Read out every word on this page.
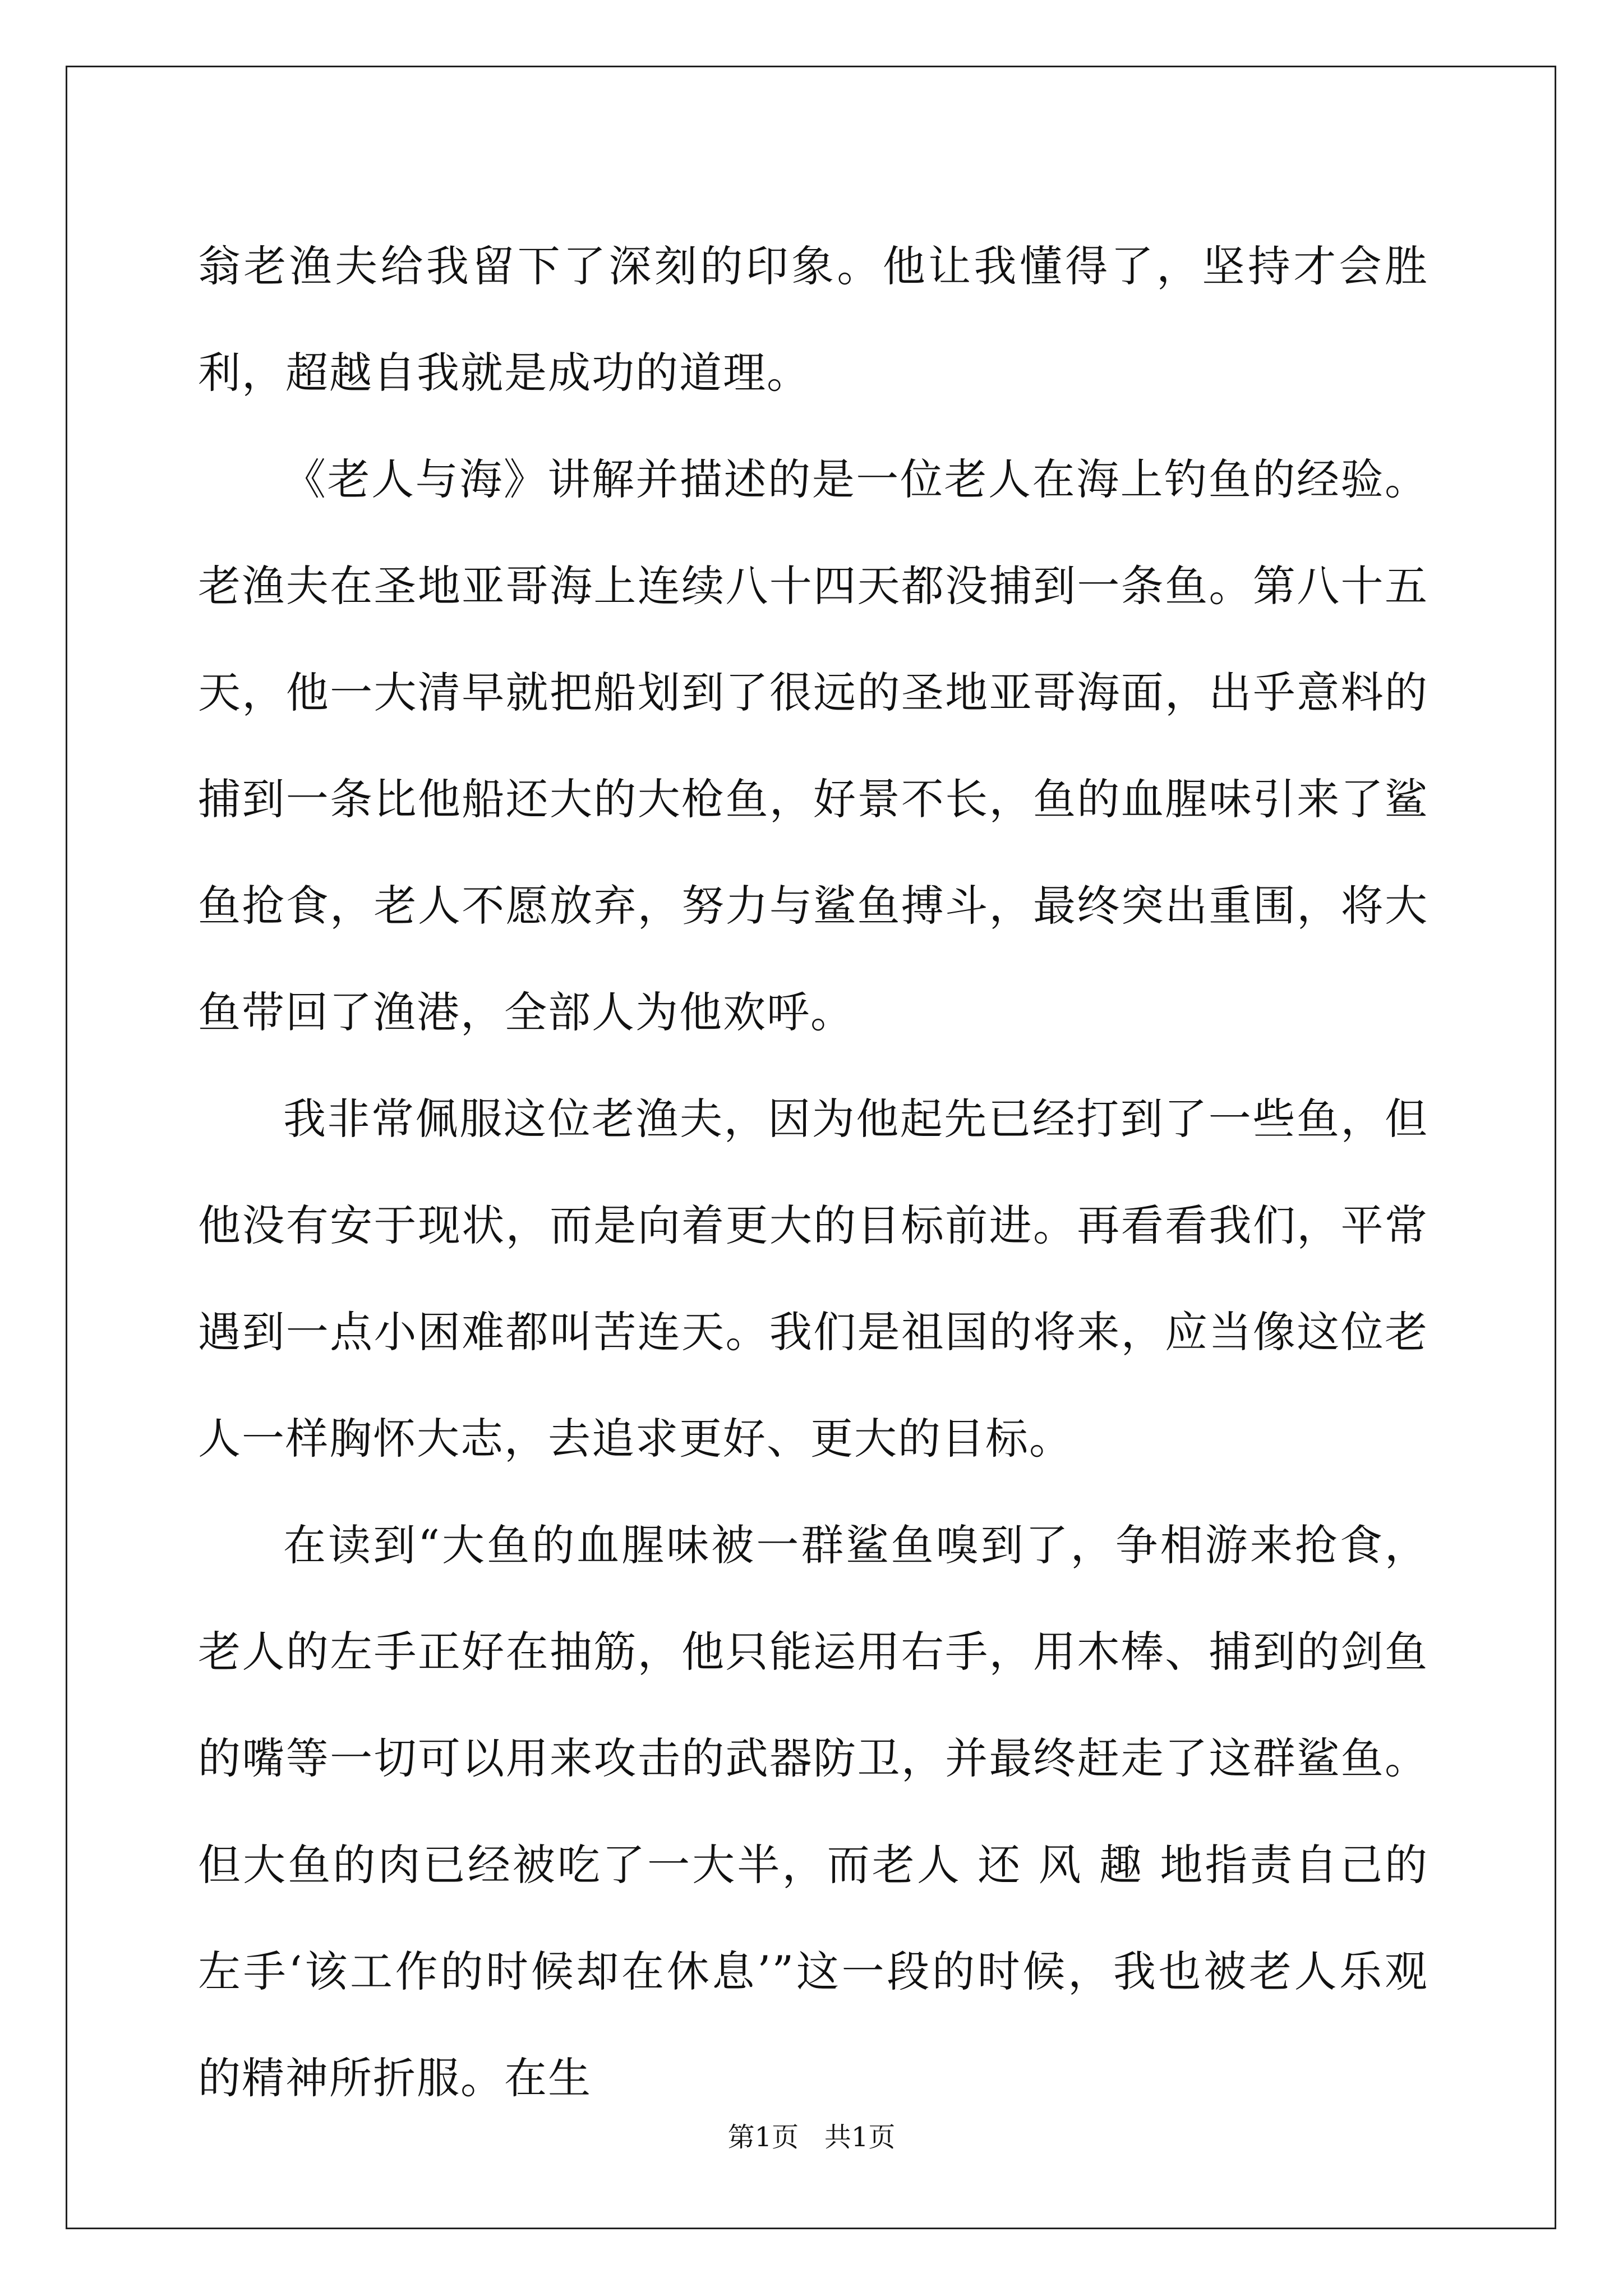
翁老渔夫给我留下了深刻的印象。他让我懂得了，坚持才会胜利，超越自我就是成功的道理。

《老人与海》讲解并描述的是一位老人在海上钓鱼的经验。老渔夫在圣地亚哥海上连续八十四天都没捕到一条鱼。第八十五天，他一大清早就把船划到了很远的圣地亚哥海面，出乎意料的捕到一条比他船还大的大枪鱼，好景不长，鱼的血腥味引来了鲨鱼抢食，老人不愿放弃，努力与鲨鱼搏斗，最终突出重围，将大鱼带回了渔港，全部人为他欢呼。

我非常佩服这位老渔夫，因为他起先已经打到了一些鱼，但他没有安于现状，而是向着更大的目标前进。再看看我们，平常遇到一点小困难都叫苦连天。我们是祖国的将来，应当像这位老人一样胸怀大志，去追求更好、更大的目标。

在读到“大鱼的血腥味被一群鲨鱼嗅到了，争相游来抢食，老人的左手正好在抽筋，他只能运用右手，用木棒、捕到的剑鱼的嘴等一切可以用来攻击的武器防卫，并最终赶走了这群鲨鱼。但大鱼的肉已经被吃了一大半，而老人 还 风 趣 地指责自己的左手‘该工作的时候却在休息’”这一段的时候，我也被老人乐观的精神所折服。在生

第1页   共1页
